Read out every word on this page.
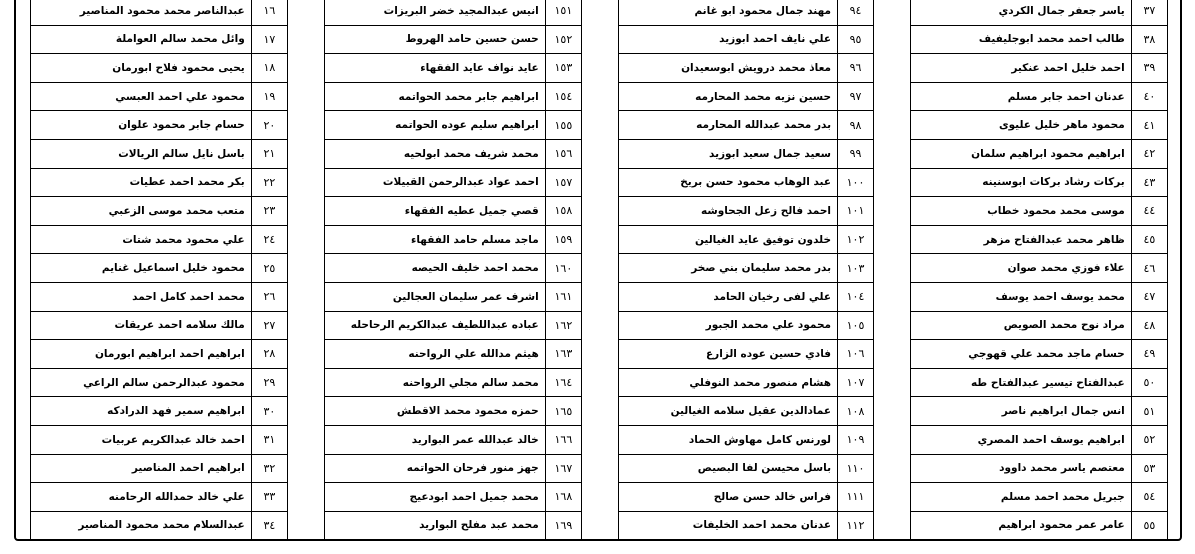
٣٧	ياسر جعفر جمال الكردي
٣٨	طالب احمد محمد ابوجليفيف
٣٩	احمد خليل احمد عنكير
٤٠	عدنان احمد جابر مسلم
٤١	محمود ماهر خليل عليوى
٤٢	ابراهيم محمود ابراهيم سلمان
٤٣	بركات رشاد بركات ابوسنينه
٤٤	موسى محمد محمود خطاب
٤٥	ظاهر محمد عبدالفتاح مزهر
٤٦	علاء فوزي محمد صوان
٤٧	محمد يوسف احمد يوسف
٤٨	مراد نوح محمد الصويص
٤٩	حسام ماجد محمد علي قهوجي
٥٠	عبدالفتاح تيسير عبدالفتاح طه
٥١	انس جمال ابراهيم ناصر
٥٢	ابراهيم يوسف احمد المصري
٥٣	معتصم ياسر محمد داوود
٥٤	جبريل محمد احمد مسلم
٥٥	عامر عمر محمود ابراهيم
٩٤	مهند جمال محمود ابو غانم
٩٥	علي نايف احمد ابوزيد
٩٦	معاذ محمد درويش ابوسعيدان
٩٧	حسين نزيه محمد المحارمه
٩٨	بدر محمد عبدالله المحارمه
٩٩	سعيد جمال سعيد ابوزيد
١٠٠	عبد الوهاب محمود حسن بريخ
١٠١	احمد فالح زعل الجحاوشه
١٠٢	خلدون توفيق عايد الغيالين
١٠٣	بدر محمد سليمان بني صخر
١٠٤	علي لفى رخيان الحامد
١٠٥	محمود علي محمد الجبور
١٠٦	فادي حسين عوده الزارع
١٠٧	هشام منصور محمد النوفلي
١٠٨	عمادالدين عقيل سلامه الغيالين
١٠٩	لورنس كامل مهاوش الحماد
١١٠	باسل محيسن لفا البصيص
١١١	فراس خالد حسن صالح
١١٢	عدنان محمد احمد الخليفات
١٥١	انيس عبدالمجيد خضر البريزات
١٥٢	حسن حسين حامد الهروط
١٥٣	عايد نواف عايد الفقهاء
١٥٤	ابراهيم جابر محمد الحواتمه
١٥٥	ابراهيم سليم عوده الحواتمه
١٥٦	محمد شريف محمد ابولحيه
١٥٧	احمد عواد عبدالرحمن القبيلات
١٥٨	قصي جميل عطيه الفقهاء
١٥٩	ماجد مسلم حامد الفقهاء
١٦٠	محمد احمد خليف الحيصه
١٦١	اشرف عمر سليمان العجالين
١٦٢	عباده عبداللطيف عبدالكريم الرحاحله
١٦٣	هيثم مدالله علي الرواحنه
١٦٤	محمد سالم مجلي الرواحنه
١٦٥	حمزه محمود محمد الاقطش
١٦٦	خالد عبدالله عمر البواريد
١٦٧	جهز منور فرحان الحواتمه
١٦٨	محمد جميل احمد ابودعيج
١٦٩	محمد عبد مفلح البواريد
١٦	عبدالناصر محمد محمود المناصير
١٧	وائل محمد سالم العواملة
١٨	يحيى محمود فلاح ابورمان
١٩	محمود علي احمد العبسي
٢٠	حسام جابر محمود علوان
٢١	باسل نايل سالم الريالات
٢٢	بكر محمد احمد عطيات
٢٣	متعب محمد موسى الزعبي
٢٤	علي محمود محمد شتات
٢٥	محمود خليل اسماعيل غنايم
٢٦	محمد احمد كامل احمد
٢٧	مالك سلامه احمد عريقات
٢٨	ابراهيم احمد ابراهيم ابورمان
٢٩	محمود عبدالرحمن سالم الراعي
٣٠	ابراهيم سمير فهد الدرادكه
٣١	احمد خالد عبدالكريم عربيات
٣٢	ابراهيم احمد المناصير
٣٣	علي خالد حمدالله الرحامنه
٣٤	عبدالسلام محمد محمود المناصير
